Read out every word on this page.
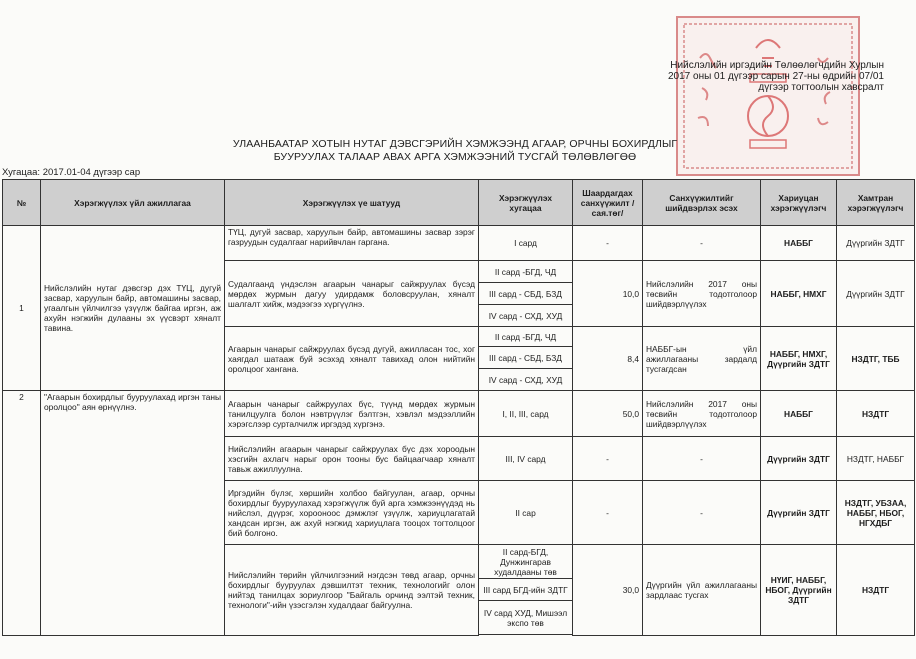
Нийслэлийн иргэдийн Төлөөлөгчдийн Хурлын
2017 оны 01 дүгээр сарын 27-ны өдрийн 07/01
дүгээр тогтоолын хавсралт
УЛААНБААТАР ХОТЫН НУТАГ ДЭВСГЭРИЙН ХЭМЖЭЭНД АГААР, ОРЧНЫ БОХИРДЛЫГ
БУУРУУЛАХ ТАЛААР АВАХ АРГА ХЭМЖЭЭНИЙ ТУСГАЙ ТӨЛӨВЛӨГӨӨ
Хугацаа: 2017.01-04 дүгээр сар
№	Хэрэгжүүлэх үйл ажиллагаа	Хэрэгжүүлэх үе шатууд	Хэрэгжүүлэх хугацаа	Шаардагдах санхүүжилт /сая.төг/	Санхүүжилтийг шийдвэрлэх эсэх	Хариуцан хэрэгжүүлэгч	Хамтран хэрэгжүүлэгч
1	Нийслэлийн нутаг дэвсгэр дэх ТҮЦ, дугуй засвар, харуулын байр, автомашины засвар, угаалгын үйлчилгээ үзүүлж байгаа иргэн, аж ахуйн нэгжийн дулааны эх үүсвэрт хяналт тавина.	ТҮЦ, дугуй засвар, харуулын байр, автомашины засвар зэрэг газруудын судалгааг нарийвчлан гаргана.	I сард	-	-	НАББГ	Дүүргийн ЗДТГ
		Судалгаанд үндэслэн агаарын чанарыг сайжруулах бүсэд мөрдөх журмын дагуу удирдамж боловсруулан, хяналт шалгалт хийж, мэдээгээ хүргүүлнэ.	II сард -БГД, ЧД	10,0	Нийслэлийн 2017 оны төсвийн тодотголоор шийдвэрлүүлэх	НАББГ, НМХГ	Дүүргийн ЗДТГ
			III сард - СБД, БЗД				
			IV сард - СХД, ХУД				
		Агаарын чанарыг сайжруулах бүсэд дугуй, ажилласан тос, хог хаягдал шатааж буй эсэхэд хяналт тавихад олон нийтийн оролцоог хангана.	II сард -БГД, ЧД	8,4	НАББГ-ын үйл ажиллагааны зардалд тусгагдсан	НАББГ, НМХГ, Дүүргийн ЗДТГ	НЗДТГ, ТББ
			III сард - СБД, БЗД				
			IV сард - СХД, ХУД				
2	"Агаарын бохирдлыг бууруулахад иргэн таны оролцоо" аян өрнүүлнэ.	Агаарын чанарыг сайжруулах бүс, түүнд мөрдөх журмын танилцуулга болон нэвтрүүлэг бэлтгэн, хэвлэл мэдээллийн хэрэгслээр сурталчилж иргэдэд хүргэнэ.	I, II, III, сард	50,0	Нийслэлийн 2017 оны төсвийн тодотголоор шийдвэрлүүлэх	НАББГ	НЗДТГ
		Нийслэлийн агаарын чанарыг сайжруулах бүс дэх хороодын хэсгийн ахлагч нарыг орон тооны бус байцаагчаар хяналт тавьж ажиллуулна.	III, IV сард	-	-	Дүүргийн ЗДТГ	НЗДТГ, НАББГ
		Иргэдийн бүлэг, хөршийн холбоо байгуулан, агаар, орчны бохирдлыг бууруулахад хэрэгжүүлж буй арга хэмжээнүүдэд нь нийслэл, дүүрэг, хорооноос дэмжлэг үзүүлж, хариуцлагатай хандсан иргэн, аж ахуй нэгжид хариуцлага тооцох тогтолцоог бий болгоно.	II сар	-	-	Дүүргийн ЗДТГ	НЗДТГ, УБЗАА, НАББГ, НБОГ, НГХДБГ
		Нийслэлийн төрийн үйлчилгээний нэгдсэн төвд агаар, орчны бохирдлыг бууруулах дэвшилтэт техник, технологийг олон нийтэд танилцах зориулгоор "Байгаль орчинд ээлтэй техник, технологи"-ийн үзэсгэлэн худалдааг байгуулна.	II сард-БГД, Дунжингарав худалдааны төв	30,0	Дүүргийн үйл ажиллагааны зардлаас тусгах	НҮИГ, НАББГ, НБОГ, Дүүргийн ЗДТГ	НЗДТГ
			III сард БГД-ийн ЗДТГ				
			IV сард ХУД, Мишээл экспо төв				
